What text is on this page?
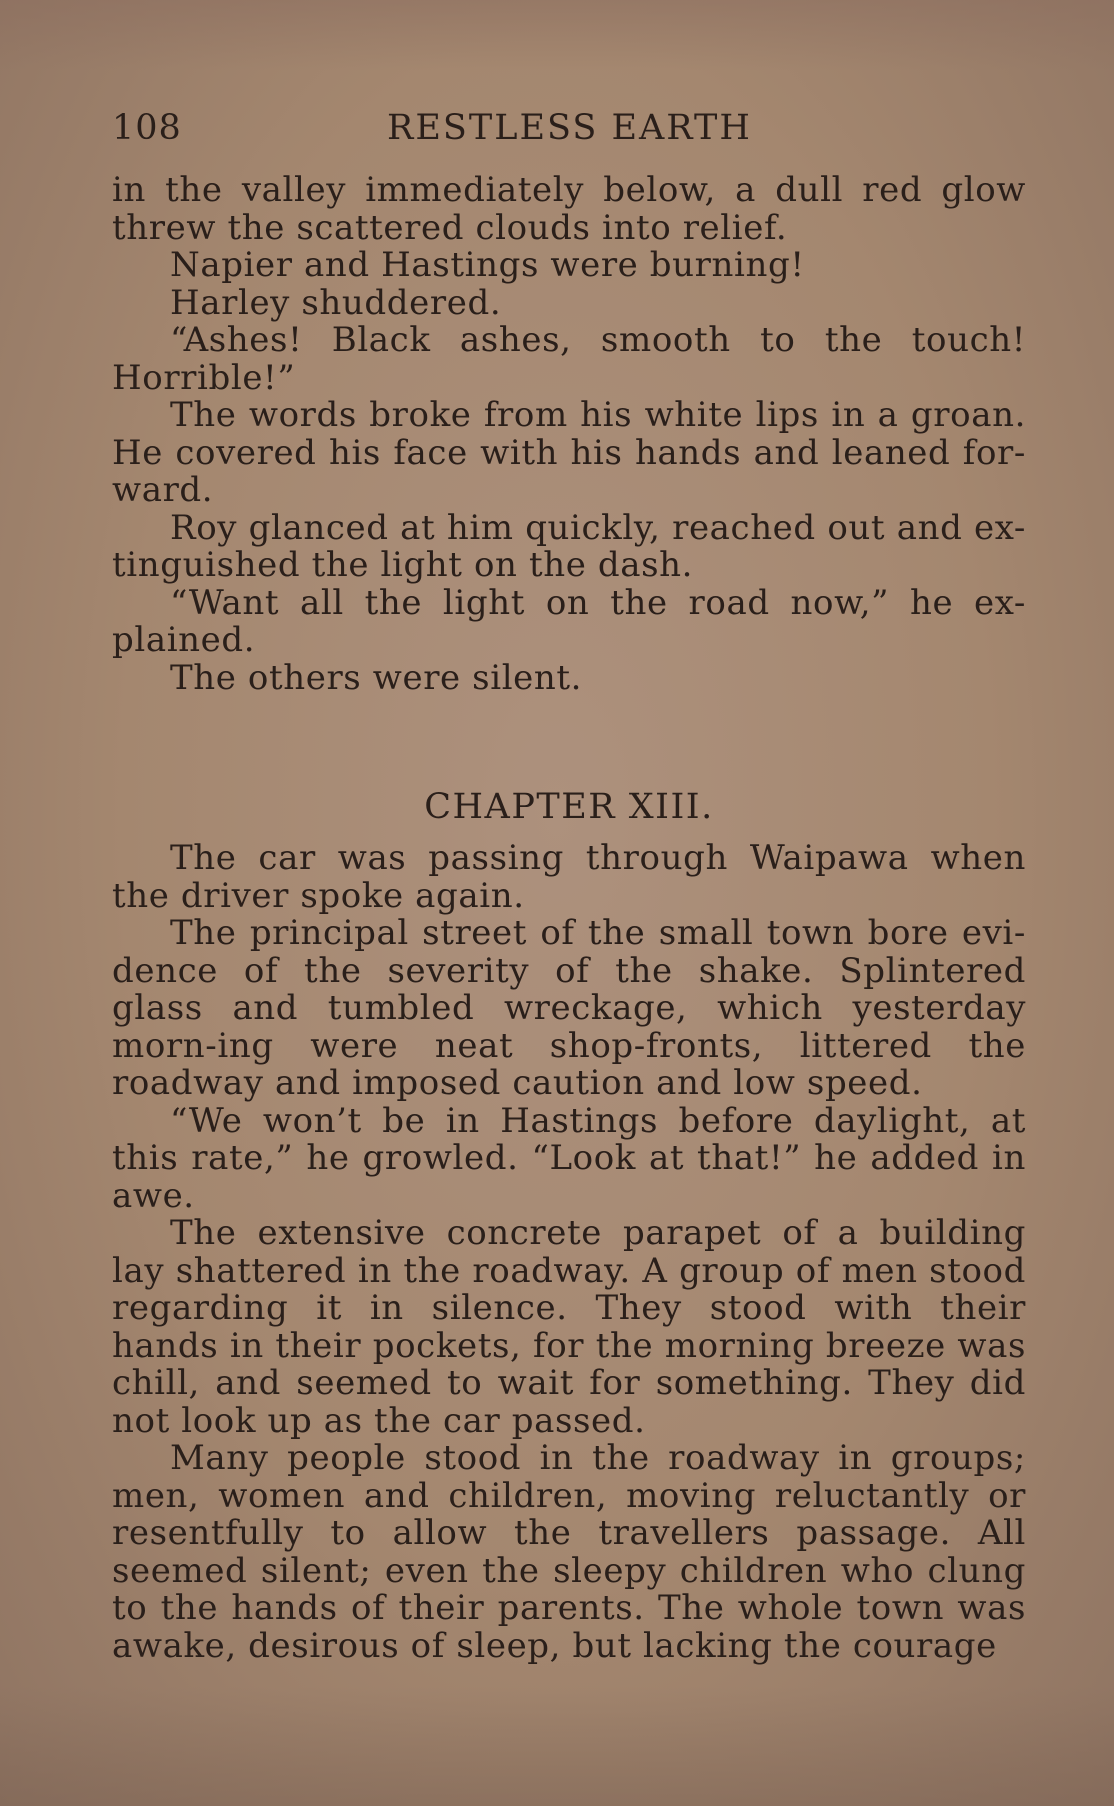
108	RESTLESS EARTH

in the valley immediately below, a dull red glow threw the scattered clouds into relief.

Napier and Hastings were burning!

Harley shuddered.

“Ashes! Black ashes, smooth to the touch! Horrible!”

The words broke from his white lips in a groan. He covered his face with his hands and leaned for-ward.

Roy glanced at him quickly, reached out and ex-tinguished the light on the dash.

“Want all the light on the road now,” he ex-plained.

The others were silent.

CHAPTER XIII.

The car was passing through Waipawa when the driver spoke again.

The principal street of the small town bore evi-dence of the severity of the shake. Splintered glass and tumbled wreckage, which yesterday morn-ing were neat shop-fronts, littered the roadway and imposed caution and low speed.

“We won’t be in Hastings before daylight, at this rate,” he growled. “Look at that!” he added in awe.

The extensive concrete parapet of a building lay shattered in the roadway. A group of men stood regarding it in silence. They stood with their hands in their pockets, for the morning breeze was chill, and seemed to wait for something. They did not look up as the car passed.

Many people stood in the roadway in groups; men, women and children, moving reluctantly or resentfully to allow the travellers passage. All seemed silent; even the sleepy children who clung to the hands of their parents. The whole town was awake, desirous of sleep, but lacking the courage
